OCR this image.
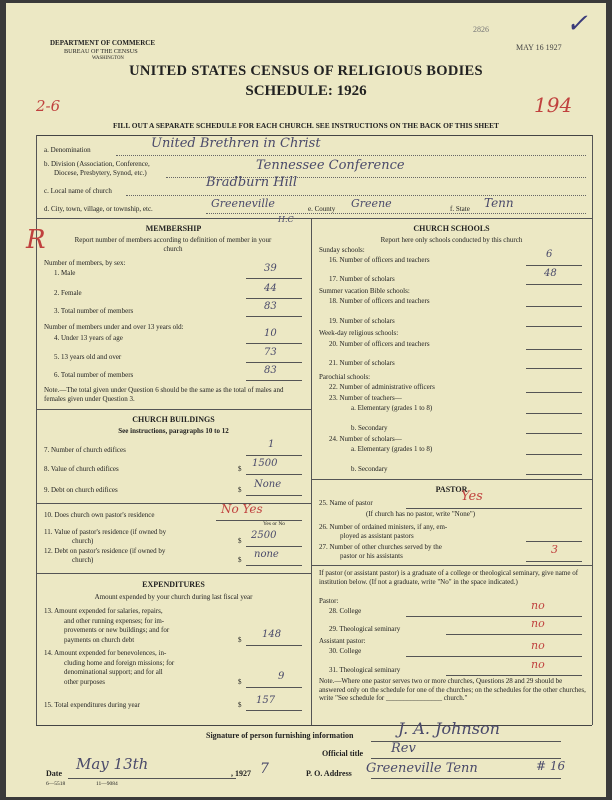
DEPARTMENT OF COMMERCE
BUREAU OF THE CENSUS
WASHINGTON
2826
MAY 16 1927
✓
UNITED STATES CENSUS OF RELIGIOUS BODIES
SCHEDULE: 1926
2-6	194
FILL OUT A SEPARATE SCHEDULE FOR EACH CHURCH. SEE INSTRUCTIONS ON THE BACK OF THIS SHEET
a. Denomination	United Brethren in Christ
b. Division (Association, Conference,
Diocese, Presbytery, Synod, etc.)	Tennessee Conference
c. Local name of church
Bradburn Hill
d. City, town, village, or township, etc.	Greeneville	e. County Greene	f. State Tenn
R
H.C
MEMBERSHIP
Report number of members according to definition of member in your church
Number of members, by sex:
1. Male	39
2. Female	44
3. Total number of members	83
Number of members under and over 13 years old:
4. Under 13 years of age	10
5. 13 years old and over	73
6. Total number of members	83
Note.—The total given under Question 6 should be the same as the total of males and females given under Question 3.
CHURCH BUILDINGS
See instructions, paragraphs 10 to 12
7. Number of church edifices	1
8. Value of church edifices	$ 1500
9. Debt on church edifices	$ None
10. Does church own pastor's residence	No Yes
Yes or No
11. Value of pastor's residence (if owned by
church)	$ 2500
12. Debt on pastor's residence (if owned by
church)	$ none
EXPENDITURES
Amount expended by your church during last fiscal year
13. Amount expended for salaries, repairs,
and other running expenses; for im-
provements or new buildings; and for
payments on church debt	$ 148
14. Amount expended for benevolences, in-
cluding home and foreign missions; for
denominational support; and for all
other purposes	$	9
15. Total expenditures during year	$ 157
CHURCH SCHOOLS
Report here only schools conducted by this church
Sunday schools:
16. Number of officers and teachers	6
17. Number of scholars	48
Summer vacation Bible schools:
18. Number of officers and teachers
19. Number of scholars
Week-day religious schools:
20. Number of officers and teachers
21. Number of scholars
Parochial schools:
22. Number of administrative officers
23. Number of teachers—
a. Elementary (grades 1 to 8)
b. Secondary
24. Number of scholars—
a. Elementary (grades 1 to 8)
b. Secondary
PASTOR
25. Name of pastor	Yes
(If church has no pastor, write "None")
26. Number of ordained ministers, if any, em-
ployed as assistant pastors
27. Number of other churches served by the
pastor or his assistants	3
If pastor (or assistant pastor) is a graduate of a college or theological seminary, give name of institution below. (If not a graduate, write "No" in the space indicated.)
Pastor:
28. College	no
29. Theological seminary	no
Assistant pastor:
30. College	no
31. Theological seminary	no
Note.—Where one pastor serves two or more churches, Questions 28 and 29 should be answered only on the schedule for one of the churches; on the schedules for the other churches, write "See schedule for ________________ church."
Signature of person furnishing information	J. A. Johnson
Official title Rev
Date
May 13th
, 1927 7	P. O. Address Greeneville Tenn	# 16
6—5518	11—9084
